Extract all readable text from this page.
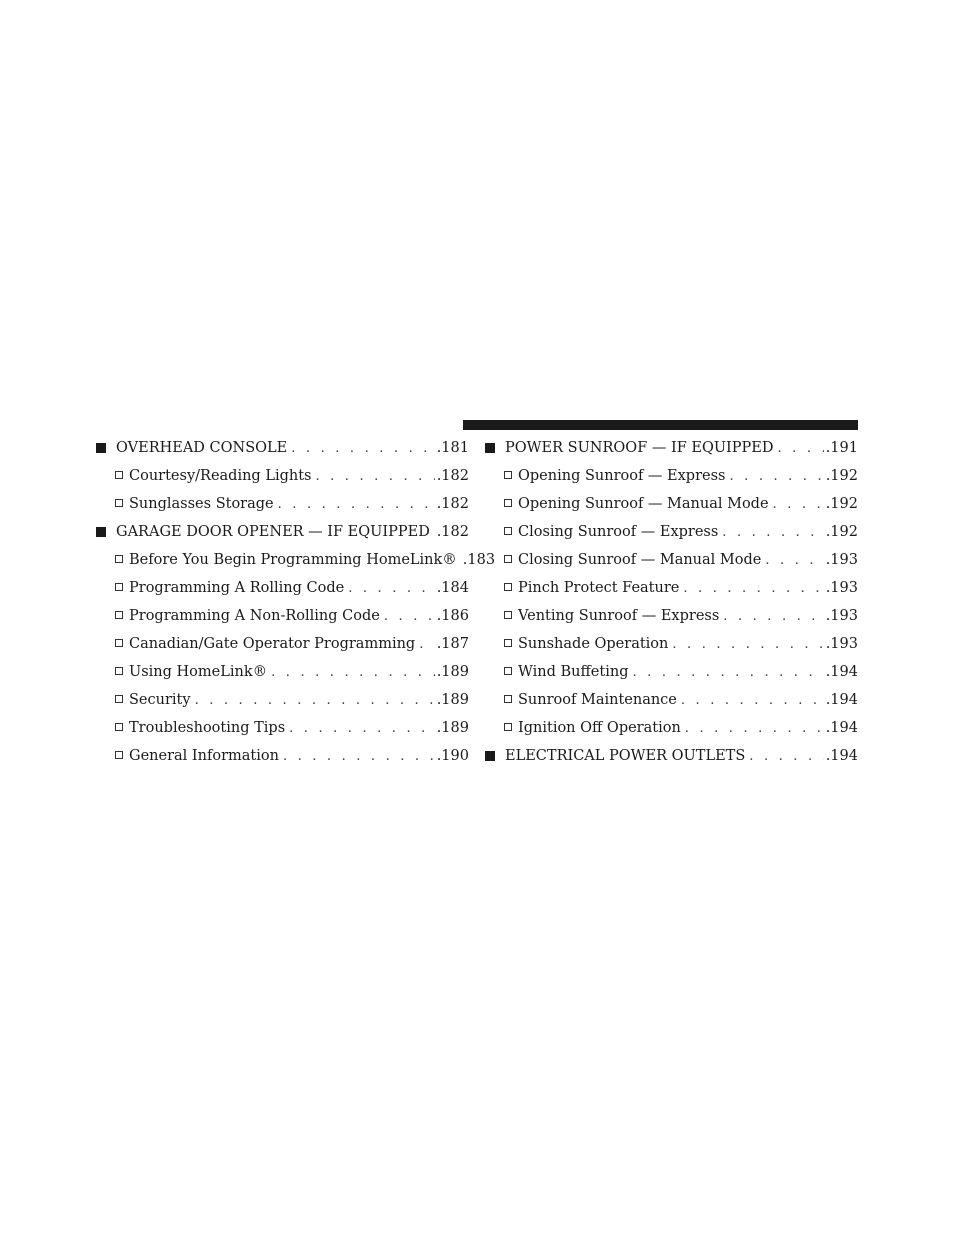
OVERHEAD CONSOLE . . .	.181
Courtesy/Reading Lights . . .	.182
Sunglasses Storage . . .	.182
GARAGE DOOR OPENER — IF EQUIPPED . . . .182
Before You Begin Programming HomeLink® .183
Programming A Rolling Code . . .	.184
Programming A Non-Rolling Code . . .	.186
Canadian/Gate Operator Programming . . . .187
Using HomeLink® . . .	.189
Security . . .	.189
Troubleshooting Tips . . .	.189
General Information . . .	.190
POWER SUNROOF — IF EQUIPPED . . .	.191
Opening Sunroof — Express . . .	.192
Opening Sunroof — Manual Mode . . .	.192
Closing Sunroof — Express . . .	.192
Closing Sunroof — Manual Mode . . .	.193
Pinch Protect Feature . . .	.193
Venting Sunroof — Express . . .	.193
Sunshade Operation . . .	.193
Wind Buffeting . . .	.194
Sunroof Maintenance . . .	.194
Ignition Off Operation . . .	.194
ELECTRICAL POWER OUTLETS . . .	.194
